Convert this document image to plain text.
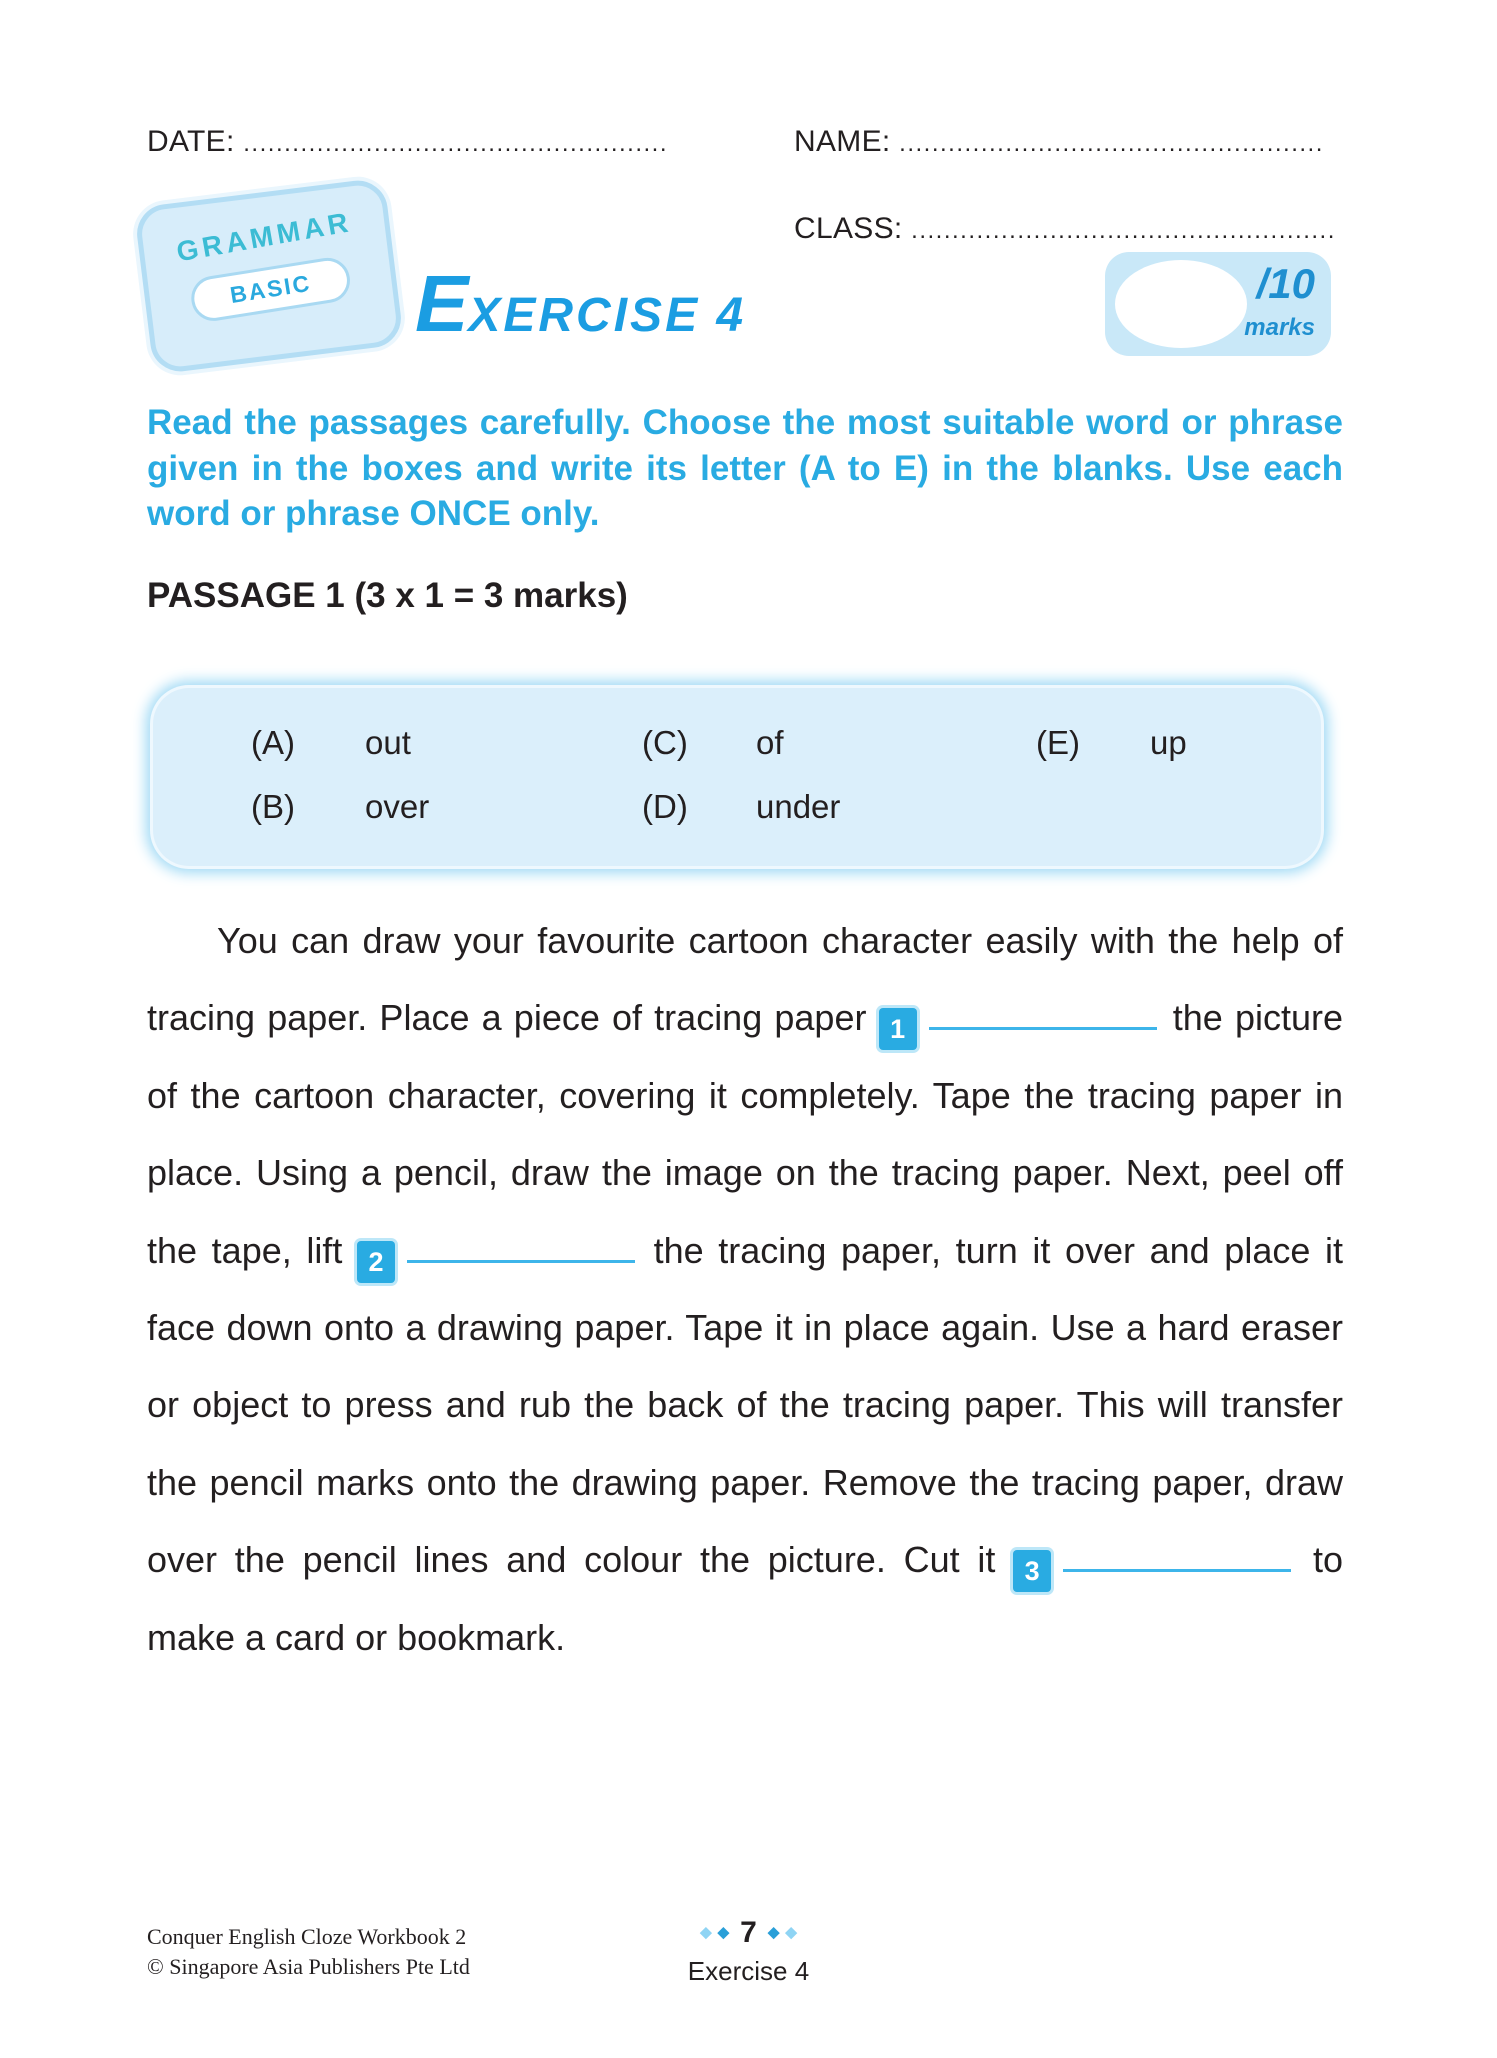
DATE: ....................................................	NAME: ....................................................
CLASS: ....................................................
GRAMMAR
BASIC	EXERCISE 4
/10
marks

Read the passages carefully. Choose the most suitable word or phrase given in the boxes and write its letter (A to E) in the blanks. Use each word or phrase ONCE only.

PASSAGE 1 (3 x 1 = 3 marks)
(A)	out	(C)	of	(E)	up
(B)	over	(D)	under

You can draw your favourite cartoon character easily with the help of tracing paper. Place a piece of tracing paper 1	the picture of the cartoon character, covering it completely. Tape the tracing paper in place. Using a pencil, draw the image on the tracing paper. Next, peel off the tape, lift 2	the tracing paper, turn it over and place it face down onto a drawing paper. Tape it in place again. Use a hard eraser or object to press and rub the back of the tracing paper. This will transfer the pencil marks onto the drawing paper. Remove the tracing paper, draw over the pencil lines and colour the picture. Cut it 3	to make a card or bookmark.

Conquer English Cloze Workbook 2
© Singapore Asia Publishers Pte Ltd
◆ ◆ 7 ◆ ◆
Exercise 4
